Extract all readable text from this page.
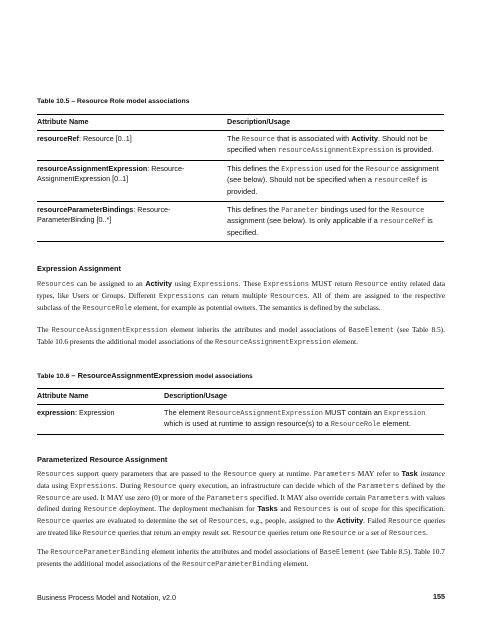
Table 10.5 – Resource Role model associations
Attribute Name	Description/Usage
resourceRef: Resource [0..1]	The Resource that is associated with Activity. Should not be specified when resourceAssignmentExpression is provided.
resourceAssignmentExpression: Resource-AssignmentExpression [0..1]	This defines the Expression used for the Resource assignment (see below). Should not be specified when a resourceRef is provided.
resourceParameterBindings: Resource-ParameterBinding [0..*]	This defines the Parameter bindings used for the Resource assignment (see below). Is only applicable if a resourceRef is specified.
Expression Assignment

Resources can be assigned to an Activity using Expressions. These Expressions MUST return Resource entity related data types, like Users or Groups. Different Expressions can return multiple Resources. All of them are assigned to the respective subclass of the ResourceRole element, for example as potential owners. The semantics is defined by the subclass.

The ResourceAssignmentExpression element inherits the attributes and model associations of BaseElement (see Table 8.5). Table 10.6 presents the additional model associations of the ResourceAssignmentExpression element.

Table 10.6 – ResourceAssignmentExpression model associations
Attribute Name	Description/Usage
expression: Expression	The element ResourceAssignmentExpression MUST contain an Expression which is used at runtime to assign resource(s) to a ResourceRole element.
Parameterized Resource Assignment

Resources support query parameters that are passed to the Resource query at runtime. Parameters MAY refer to Task instance data using Expressions. During Resource query execution, an infrastructure can decide which of the Parameters defined by the Resource are used. It MAY use zero (0) or more of the Parameters specified. It MAY also override certain Parameters with values defined during Resource deployment. The deployment mechanism for Tasks and Resources is out of scope for this specification. Resource queries are evaluated to determine the set of Resources, e.g., people, assigned to the Activity. Failed Resource queries are treated like Resource queries that return an empty result set. Resource queries return one Resource or a set of Resources.

The ResourceParameterBinding element inherits the attributes and model associations of BaseElement (see Table 8.5). Table 10.7 presents the additional model associations of the ResourceParameterBinding element.

Business Process Model and Notation, v2.0	155
